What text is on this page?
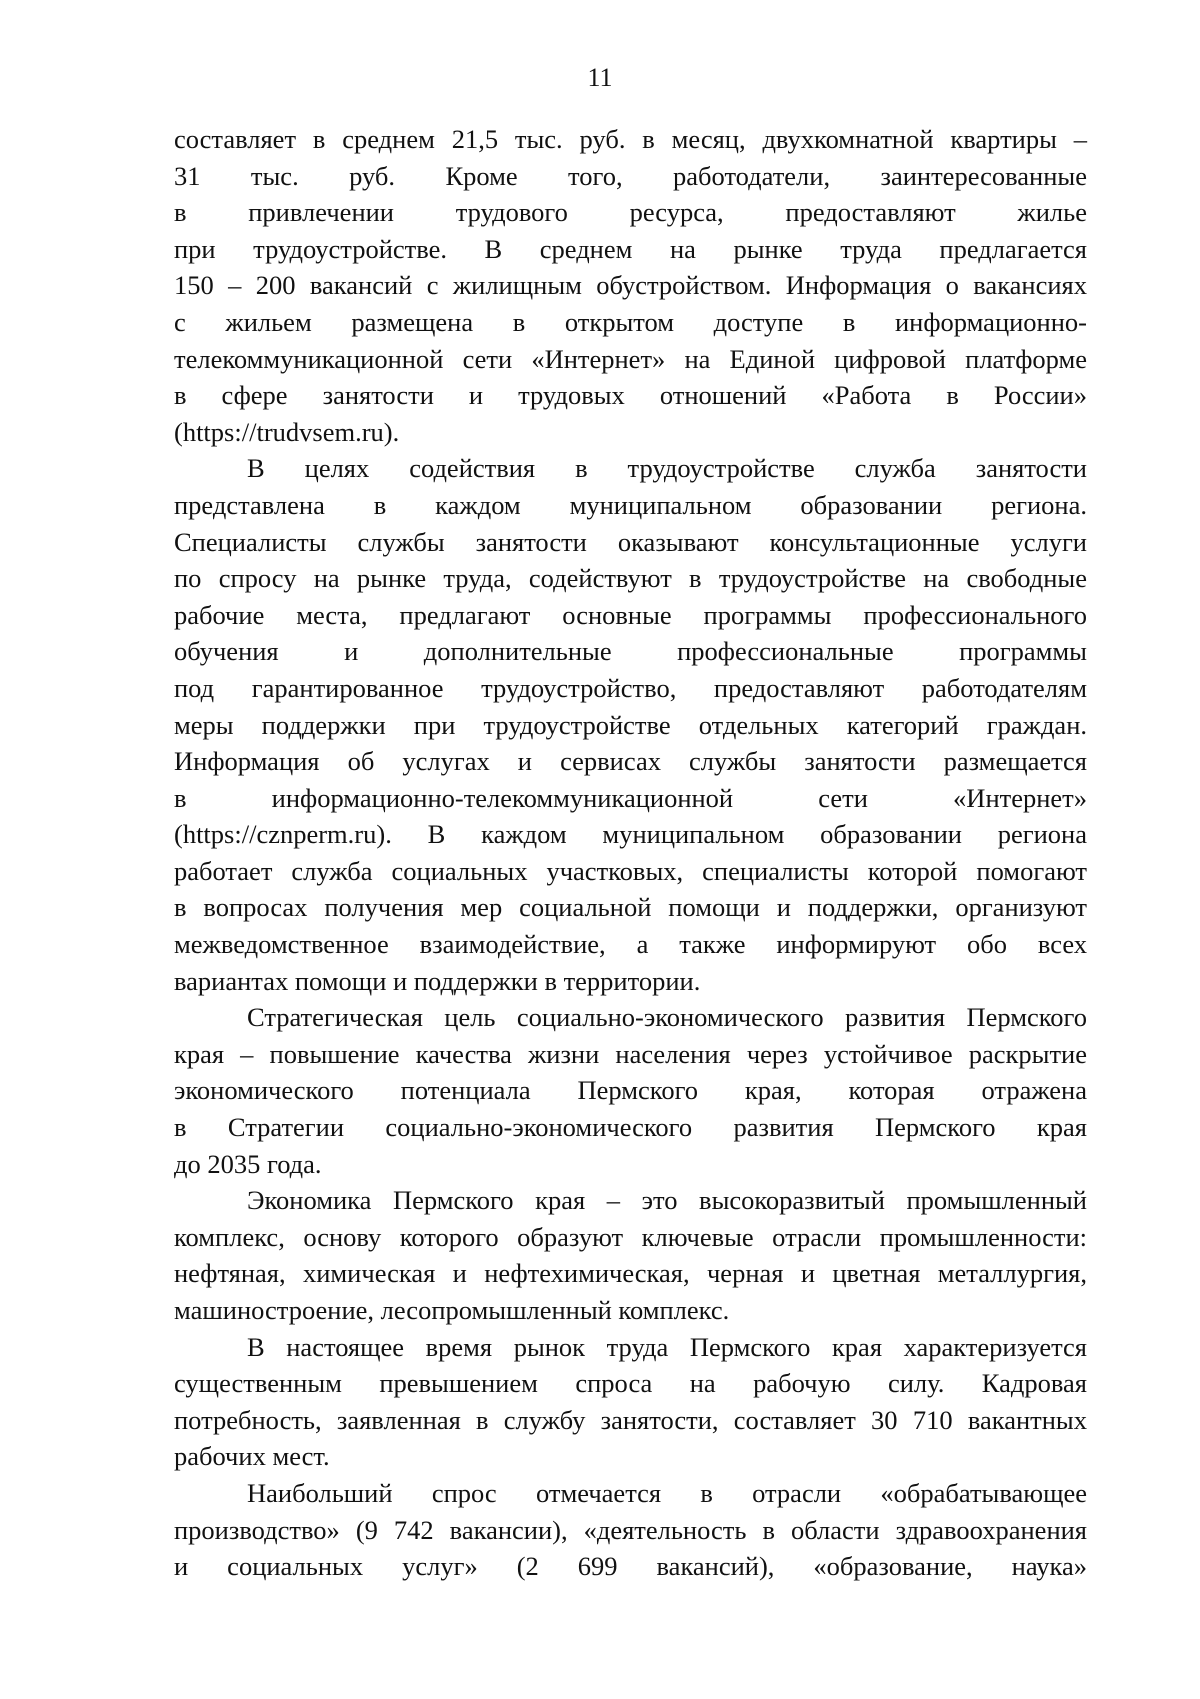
11
составляет в среднем 21,5 тыс. руб. в месяц, двухкомнатной квартиры –
31 тыс. руб. Кроме того, работодатели, заинтересованные
в привлечении трудового ресурса, предоставляют жилье
при трудоустройстве. В среднем на рынке труда предлагается
150 – 200 вакансий с жилищным обустройством. Информация о вакансиях
с жильем размещена в открытом доступе в информационно-
телекоммуникационной сети «Интернет» на Единой цифровой платформе
в сфере занятости и трудовых отношений «Работа в России»
(https://trudvsem.ru).
В целях содействия в трудоустройстве служба занятости
представлена в каждом муниципальном образовании региона.
Специалисты службы занятости оказывают консультационные услуги
по спросу на рынке труда, содействуют в трудоустройстве на свободные
рабочие места, предлагают основные программы профессионального
обучения и дополнительные профессиональные программы
под гарантированное трудоустройство, предоставляют работодателям
меры поддержки при трудоустройстве отдельных категорий граждан.
Информация об услугах и сервисах службы занятости размещается
в информационно-телекоммуникационной сети «Интернет»
(https://cznperm.ru). В каждом муниципальном образовании региона
работает служба социальных участковых, специалисты которой помогают
в вопросах получения мер социальной помощи и поддержки, организуют
межведомственное взаимодействие, а также информируют обо всех
вариантах помощи и поддержки в территории.
Стратегическая цель социально-экономического развития Пермского
края – повышение качества жизни населения через устойчивое раскрытие
экономического потенциала Пермского края, которая отражена
в Стратегии социально-экономического развития Пермского края
до 2035 года.
Экономика Пермского края – это высокоразвитый промышленный
комплекс, основу которого образуют ключевые отрасли промышленности:
нефтяная, химическая и нефтехимическая, черная и цветная металлургия,
машиностроение, лесопромышленный комплекс.
В настоящее время рынок труда Пермского края характеризуется
существенным превышением спроса на рабочую силу. Кадровая
потребность, заявленная в службу занятости, составляет 30 710 вакантных
рабочих мест.
Наибольший спрос отмечается в отрасли «обрабатывающее
производство» (9 742 вакансии), «деятельность в области здравоохранения
и социальных услуг» (2 699 вакансий), «образование, наука»
